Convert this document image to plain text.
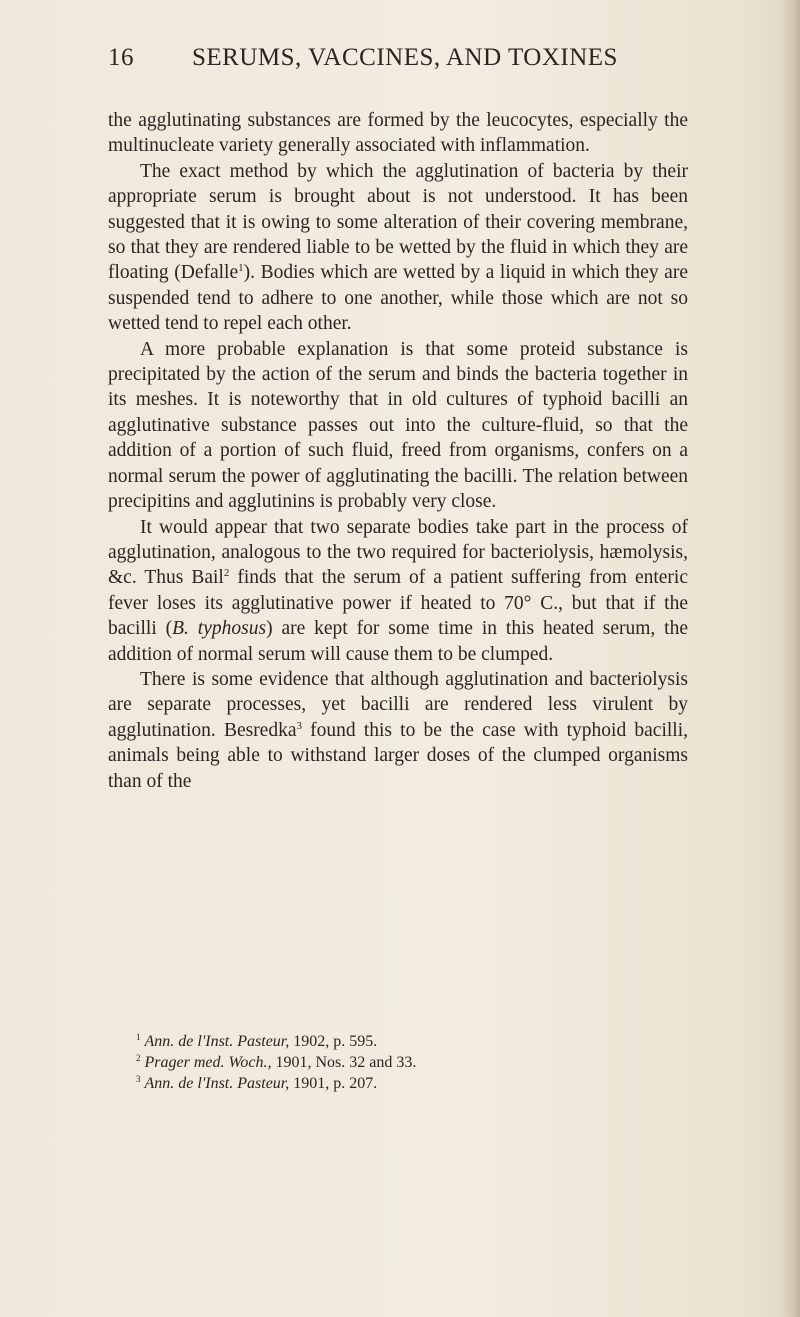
16 SERUMS, VACCINES, AND TOXINES

the agglutinating substances are formed by the leucocytes, especially the multinucleate variety generally associated with inflammation.

The exact method by which the agglutination of bacteria by their appropriate serum is brought about is not understood. It has been suggested that it is owing to some alteration of their covering membrane, so that they are rendered liable to be wetted by the fluid in which they are floating (Defalle$^1$). Bodies which are wetted by a liquid in which they are suspended tend to adhere to one another, while those which are not so wetted tend to repel each other.

A more probable explanation is that some proteid substance is precipitated by the action of the serum and binds the bacteria together in its meshes. It is noteworthy that in old cultures of typhoid bacilli an agglutinative substance passes out into the culture-fluid, so that the addition of a portion of such fluid, freed from organisms, confers on a normal serum the power of agglutinating the bacilli. The relation between precipitins and agglutinins is probably very close.

It would appear that two separate bodies take part in the process of agglutination, analogous to the two required for bacteriolysis, hæmolysis, &c. Thus Bail$^2$ finds that the serum of a patient suffering from enteric fever loses its agglutinative power if heated to 70° C., but that if the bacilli (B. typhosus) are kept for some time in this heated serum, the addition of normal serum will cause them to be clumped.

There is some evidence that although agglutination and bacteriolysis are separate processes, yet bacilli are rendered less virulent by agglutination. Besredka$^3$ found this to be the case with typhoid bacilli, animals being able to withstand larger doses of the clumped organisms than of the

$^1$ Ann. de l'Inst. Pasteur, 1902, p. 595.
$^2$ Prager med. Woch., 1901, Nos. 32 and 33.
$^3$ Ann. de l'Inst. Pasteur, 1901, p. 207.
